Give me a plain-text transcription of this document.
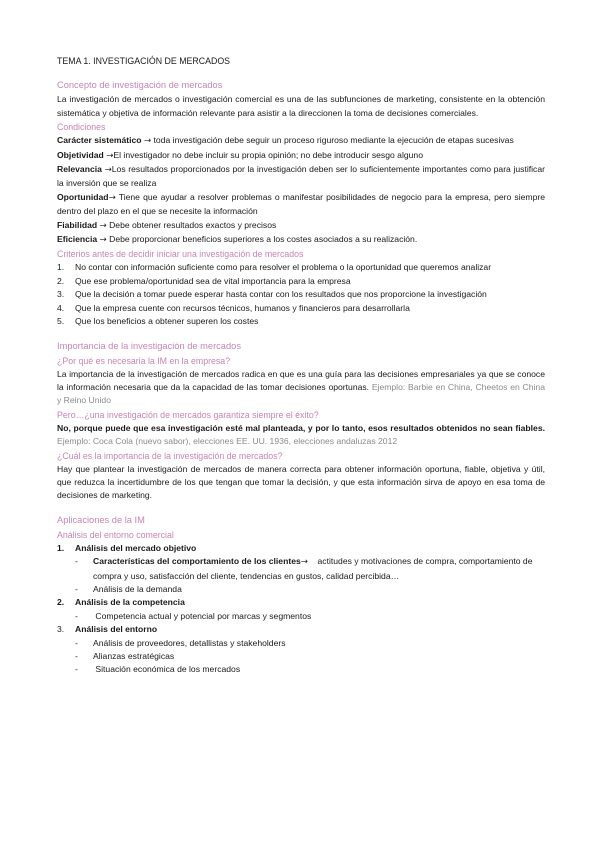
TEMA 1. INVESTIGACIÓN DE MERCADOS
Concepto de investigación de mercados

La investigación de mercados o investigación comercial es una de las subfunciones de marketing, consistente en la obtención sistemática y objetiva de información relevante para asistir a la direccionen la toma de decisiones comerciales.

Condiciones

Carácter sistemático → toda investigación debe seguir un proceso riguroso mediante la ejecución de etapas sucesivas

Objetividad →El investigador no debe incluir su propia opinión; no debe introducir sesgo alguno

Relevancia →Los resultados proporcionados por la investigación deben ser lo suficientemente importantes como para justificar la inversión que se realiza

Oportunidad→ Tiene que ayudar a resolver problemas o manifestar posibilidades de negocio para la empresa, pero siempre dentro del plazo en el que se necesite la información

Fiabilidad → Debe obtener resultados exactos y precisos

Eficiencia → Debe proporcionar beneficios superiores a los costes asociados a su realización.

Criterios antes de decidir iniciar una investigación de mercados
1.	No contar con información suficiente como para resolver el problema o la oportunidad que queremos analizar
2.	Que ese problema/oportunidad sea de vital importancia para la empresa
3.	Que la decisión a tomar puede esperar hasta contar con los resultados que nos proporcione la investigación
4.	Que la empresa cuente con recursos técnicos, humanos y financieros para desarrollarla
5.	Que los beneficios a obtener superen los costes
Importancia de la investigación de mercados
¿Por qué es necesaria la IM en la empresa?

La importancia de la investigación de mercados radica en que es una guía para las decisiones empresariales ya que se conoce la información necesaria que da la capacidad de las tomar decisiones oportunas. Ejemplo: Barbie en China, Cheetos en China y Reino Unido

Pero…¿una investigación de mercados garantiza siempre el éxito?

No, porque puede que esa investigación esté mal planteada, y por lo tanto, esos resultados obtenidos no sean fiables. Ejemplo: Coca Cola (nuevo sabor), elecciones EE. UU. 1936, elecciones andaluzas 2012

¿Cuál es la importancia de la investigación de mercados?

Hay que plantear la investigación de mercados de manera correcta para obtener información oportuna, fiable, objetiva y útil, que reduzca la incertidumbre de los que tengan que tomar la decisión, y que esta información sirva de apoyo en esa toma de decisiones de marketing.

Aplicaciones de la IM
Análisis del entorno comercial
1.	Análisis del mercado objetivo
-	Características del comportamiento de los clientes→    actitudes y motivaciones de compra, comportamiento de compra y uso, satisfacción del cliente, tendencias en gustos, calidad percibida…
-	Análisis de la demanda
2.	Análisis de la competencia
-	Competencia actual y potencial por marcas y segmentos
3.	Análisis del entorno
-	Análisis de proveedores, detallistas y stakeholders
-	Alianzas estratégicas
-	Situación económica de los mercados
